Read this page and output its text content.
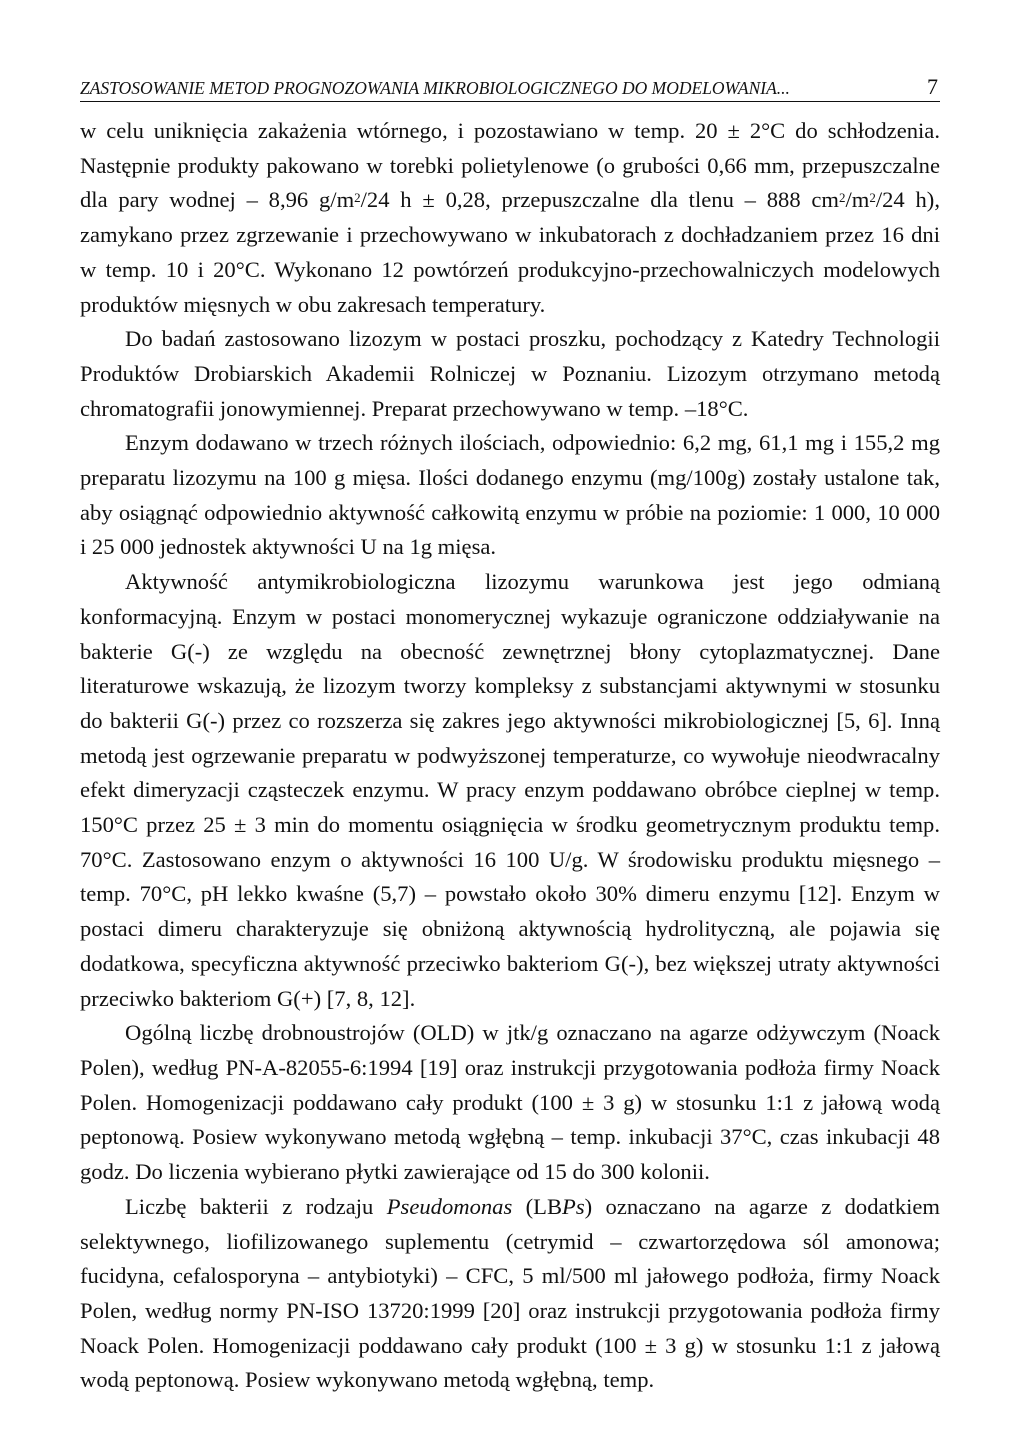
ZASTOSOWANIE METOD PROGNOZOWANIA MIKROBIOLOGICZNEGO DO MODELOWANIA...	7

w celu uniknięcia zakażenia wtórnego, i pozostawiano w temp. 20 ± 2°C do schłodzenia. Następnie produkty pakowano w torebki polietylenowe (o grubości 0,66 mm, przepuszczalne dla pary wodnej – 8,96 $g/m^2/24$ h ± 0,28, przepuszczalne dla tlenu – 888 $cm^2/m^2/24$ h), zamykano przez zgrzewanie i przechowywano w inkubatorach z dochładzaniem przez 16 dni w temp. 10 i 20°C. Wykonano 12 powtórzeń produkcyjno-przechowalniczych modelowych produktów mięsnych w obu zakresach temperatury.

Do badań zastosowano lizozym w postaci proszku, pochodzący z Katedry Technologii Produktów Drobiarskich Akademii Rolniczej w Poznaniu. Lizozym otrzymano metodą chromatografii jonowymiennej. Preparat przechowywano w temp. –18°C.

Enzym dodawano w trzech różnych ilościach, odpowiednio: 6,2 mg, 61,1 mg i 155,2 mg preparatu lizozymu na 100 g mięsa. Ilości dodanego enzymu (mg/100g) zostały ustalone tak, aby osiągnąć odpowiednio aktywność całkowitą enzymu w próbie na poziomie: 1 000, 10 000 i 25 000 jednostek aktywności U na 1g mięsa.

Aktywność antymikrobiologiczna lizozymu warunkowa jest jego odmianą konformacyjną. Enzym w postaci monomerycznej wykazuje ograniczone oddziaływanie na bakterie G(-) ze względu na obecność zewnętrznej błony cytoplazmatycznej. Dane literaturowe wskazują, że lizozym tworzy kompleksy z substancjami aktywnymi w stosunku do bakterii G(-) przez co rozszerza się zakres jego aktywności mikrobiologicznej [5, 6]. Inną metodą jest ogrzewanie preparatu w podwyższonej temperaturze, co wywołuje nieodwracalny efekt dimeryzacji cząsteczek enzymu. W pracy enzym poddawano obróbce cieplnej w temp. 150°C przez 25 ± 3 min do momentu osiągnięcia w środku geometrycznym produktu temp. 70°C. Zastosowano enzym o aktywności 16 100 U/g. W środowisku produktu mięsnego – temp. 70°C, pH lekko kwaśne (5,7) – powstało około 30% dimeru enzymu [12]. Enzym w postaci dimeru charakteryzuje się obniżoną aktywnością hydrolityczną, ale pojawia się dodatkowa, specyficzna aktywność przeciwko bakteriom G(-), bez większej utraty aktywności przeciwko bakteriom G(+) [7, 8, 12].

Ogólną liczbę drobnoustrojów (OLD) w jtk/g oznaczano na agarze odżywczym (Noack Polen), według PN-A-82055-6:1994 [19] oraz instrukcji przygotowania podłoża firmy Noack Polen. Homogenizacji poddawano cały produkt (100 ± 3 g) w stosunku 1:1 z jałową wodą peptonową. Posiew wykonywano metodą wgłębną – temp. inkubacji 37°C, czas inkubacji 48 godz. Do liczenia wybierano płytki zawierające od 15 do 300 kolonii.

Liczbę bakterii z rodzaju Pseudomonas (LBPs) oznaczano na agarze z dodatkiem selektywnego, liofilizowanego suplementu (cetrymid – czwartorzędowa sól amonowa; fucidyna, cefalosporyna – antybiotyki) – CFC, 5 ml/500 ml jałowego podłoża, firmy Noack Polen, według normy PN-ISO 13720:1999 [20] oraz instrukcji przygotowania podłoża firmy Noack Polen. Homogenizacji poddawano cały produkt (100 ± 3 g) w stosunku 1:1 z jałową wodą peptonową. Posiew wykonywano metodą wgłębną, temp.
